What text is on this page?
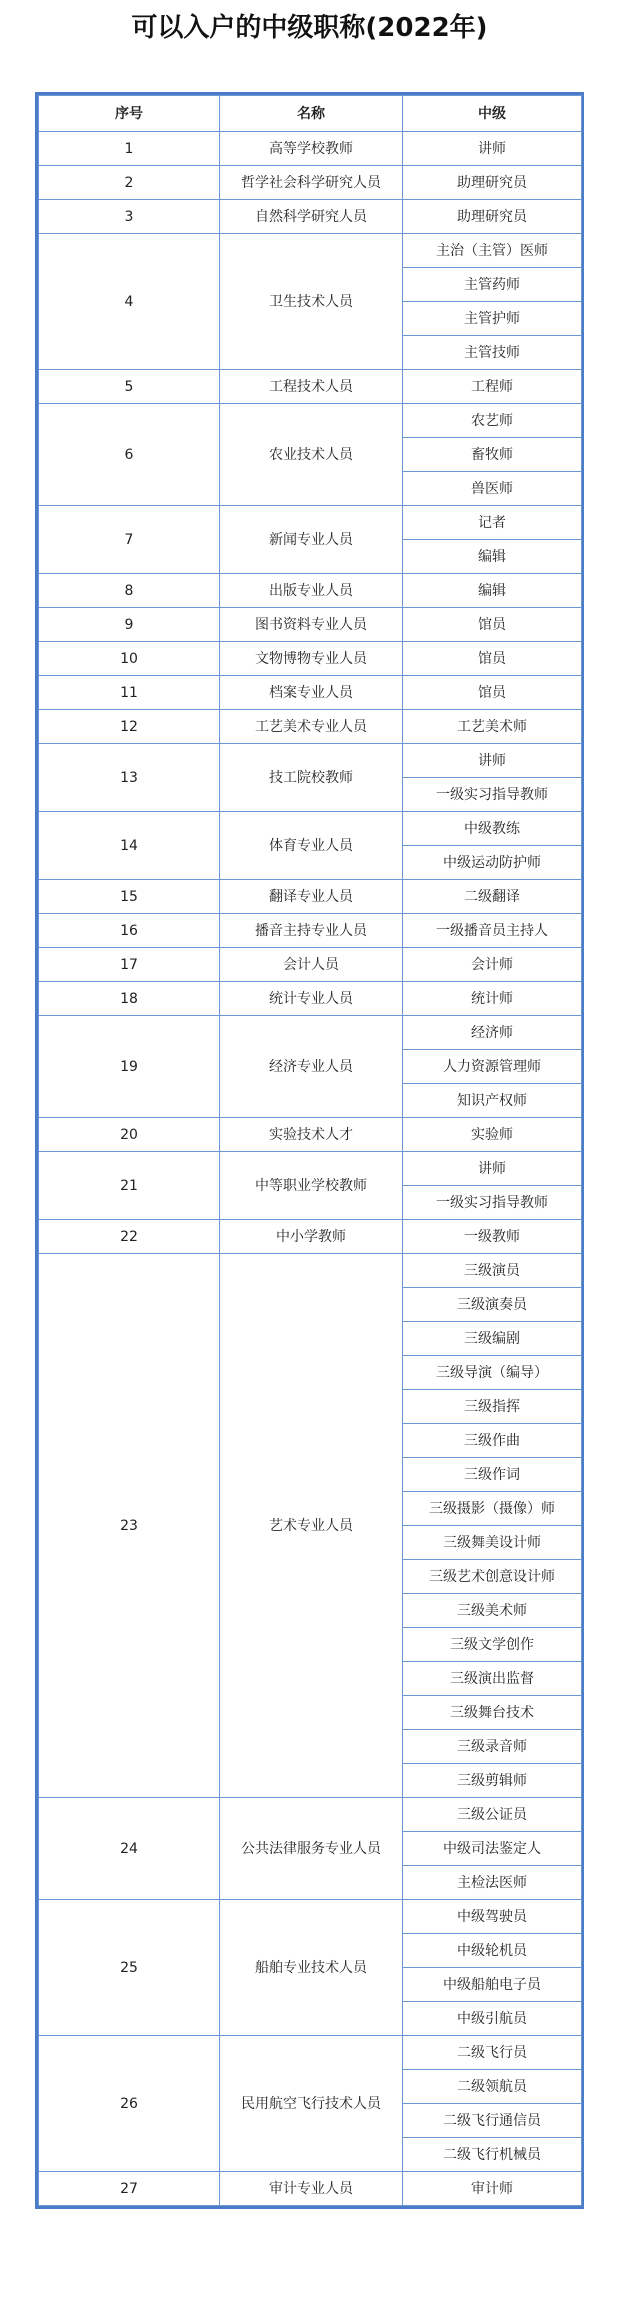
可以入户的中级职称(2022年)
序号	名称	中级
1	高等学校教师	讲师
2	哲学社会科学研究人员	助理研究员
3	自然科学研究人员	助理研究员
4	卫生技术人员	主治（主管）医师
		主管药师
		主管护师
		主管技师
5	工程技术人员	工程师
6	农业技术人员	农艺师
		畜牧师
		兽医师
7	新闻专业人员	记者
		编辑
8	出版专业人员	编辑
9	图书资料专业人员	馆员
10	文物博物专业人员	馆员
11	档案专业人员	馆员
12	工艺美术专业人员	工艺美术师
13	技工院校教师	讲师
		一级实习指导教师
14	体育专业人员	中级教练
		中级运动防护师
15	翻译专业人员	二级翻译
16	播音主持专业人员	一级播音员主持人
17	会计人员	会计师
18	统计专业人员	统计师
19	经济专业人员	经济师
		人力资源管理师
		知识产权师
20	实验技术人才	实验师
21	中等职业学校教师	讲师
		一级实习指导教师
22	中小学教师	一级教师
23	艺术专业人员	三级演员
		三级演奏员
		三级编剧
		三级导演（编导）
		三级指挥
		三级作曲
		三级作词
		三级摄影（摄像）师
		三级舞美设计师
		三级艺术创意设计师
		三级美术师
		三级文学创作
		三级演出监督
		三级舞台技术
		三级录音师
		三级剪辑师
24	公共法律服务专业人员	三级公证员
		中级司法鉴定人
		主检法医师
25	船舶专业技术人员	中级驾驶员
		中级轮机员
		中级船舶电子员
		中级引航员
26	民用航空飞行技术人员	二级飞行员
		二级领航员
		二级飞行通信员
		二级飞行机械员
27	审计专业人员	审计师
